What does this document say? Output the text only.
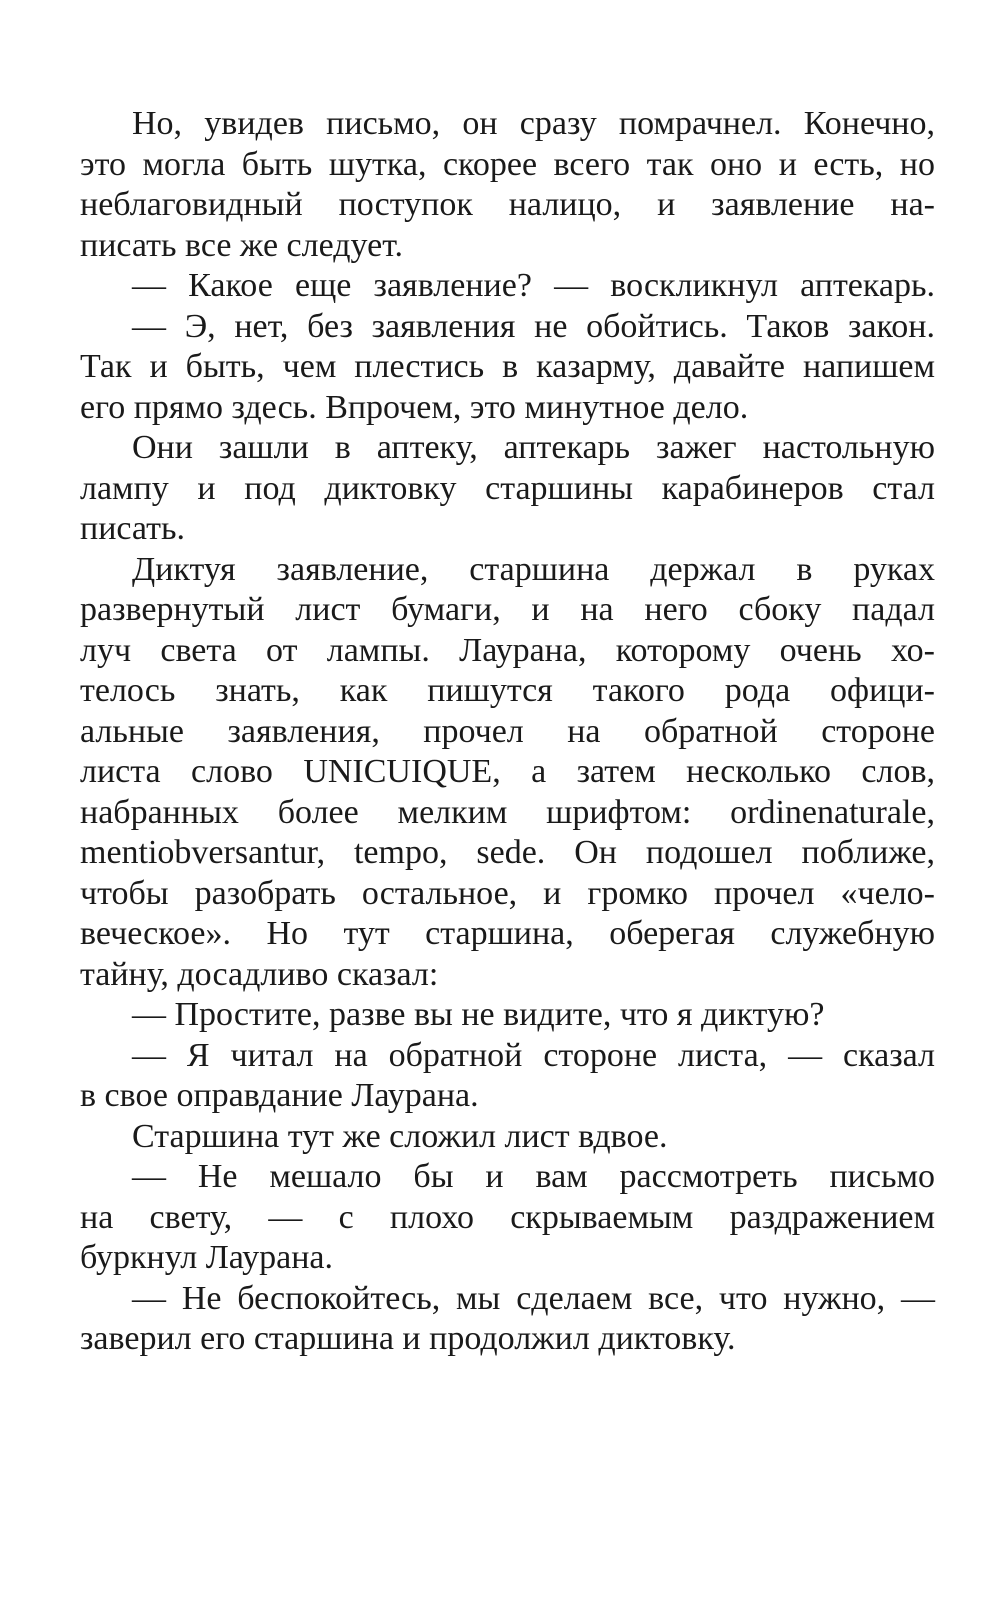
Но, увидев письмо, он сразу помрачнел. Конечно,
это могла быть шутка, скорее всего так оно и есть, но
неблаговидный поступок налицо, и заявление на-
писать все же следует.
— Какое еще заявление? — воскликнул аптекарь.
— Э, нет, без заявления не обойтись. Таков закон.
Так и быть, чем плестись в казарму, давайте напишем
его прямо здесь. Впрочем, это минутное дело.
Они зашли в аптеку, аптекарь зажег настольную
лампу и под диктовку старшины карабинеров стал
писать.
Диктуя заявление, старшина держал в руках
развернутый лист бумаги, и на него сбоку падал
луч света от лампы. Лаурана, которому очень хо-
телось знать, как пишутся такого рода офици-
альные заявления, прочел на обратной стороне
листа слово UNICUIQUE, а затем несколько слов,
набранных более мелким шрифтом: ordinenaturale,
mentiobversantur, tempo, sede. Он подошел поближе,
чтобы разобрать остальное, и громко прочел «чело-
веческое». Но тут старшина, оберегая служебную
тайну, досадливо сказал:
— Простите, разве вы не видите, что я диктую?
— Я читал на обратной стороне листа, — сказал
в свое оправдание Лаурана.
Старшина тут же сложил лист вдвое.
— Не мешало бы и вам рассмотреть письмо
на свету, — с плохо скрываемым раздражением
буркнул Лаурана.
— Не беспокойтесь, мы сделаем все, что нужно, —
заверил его старшина и продолжил диктовку.
